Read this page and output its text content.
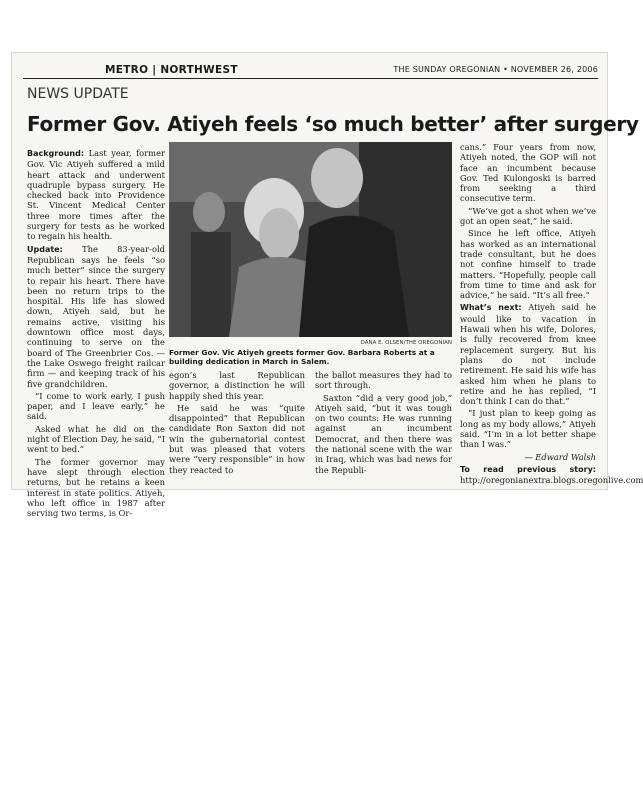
METRO | NORTHWEST	THE SUNDAY OREGONIAN • NOVEMBER 26, 2006
NEWS UPDATE
Former Gov. Atiyeh feels ‘so much better’ after surgery

Background: Last year, former Gov. Vic Atiyeh suffered a mild heart attack and underwent quadruple bypass surgery. He checked back into Providence St. Vincent Medical Center three more times after the surgery for tests as he worked to regain his health.

Update: The 83-year-old Republican says he feels “so much better” since the surgery to repair his heart. There have been no return trips to the hospital. His life has slowed down, Atiyeh said, but he remains active, visiting his downtown office most days, continuing to serve on the board of The Greenbrier Cos. — the Lake Oswego freight railcar firm — and keeping track of his five grandchildren.

“I come to work early, I push paper, and I leave early,” he said.

Asked what he did on the night of Election Day, he said, “I went to bed.”

The former governor may have slept through election returns, but he retains a keen interest in state politics. Atiyeh, who left office in 1987 after serving two terms, is Or-

DANA E. OLSEN/THE OREGONIAN
Former Gov. Vic Atiyeh greets former Gov. Barbara Roberts at a building dedication in March in Salem.

egon’s last Republican governor, a distinction he will happily shed this year.

He said he was “quite disappointed” that Republican candidate Ron Saxton did not win the gubernatorial contest but was pleased that voters were “very responsible” in how they reacted to

the ballot measures they had to sort through.

Saxton “did a very good job,” Atiyeh said, “but it was tough on two counts: He was running against an incumbent Democrat, and then there was the national scene with the war in Iraq, which was bad news for the Republi-

cans.” Four years from now, Atiyeh noted, the GOP will not face an incumbent because Gov. Ted Kulongoski is barred from seeking a third consecutive term.

“We’ve got a shot when we’ve got an open seat,” he said.

Since he left office, Atiyeh has worked as an international trade consultant, but he does not confine himself to trade matters. “Hopefully, people call from time to time and ask for advice,” he said. “It’s all free.”

What’s next: Atiyeh said he would like to vacation in Hawaii when his wife, Dolores, is fully recovered from knee replacement surgery. But his plans do not include retirement. He said his wife has asked him when he plans to retire and he has replied, “I don’t think I can do that.”

“I just plan to keep going as long as my body allows,” Atiyeh said. “I’m in a lot better shape than I was.”

— Edward Walsh

To read previous story: http://oregonianextra.blogs.oregonlive.com
